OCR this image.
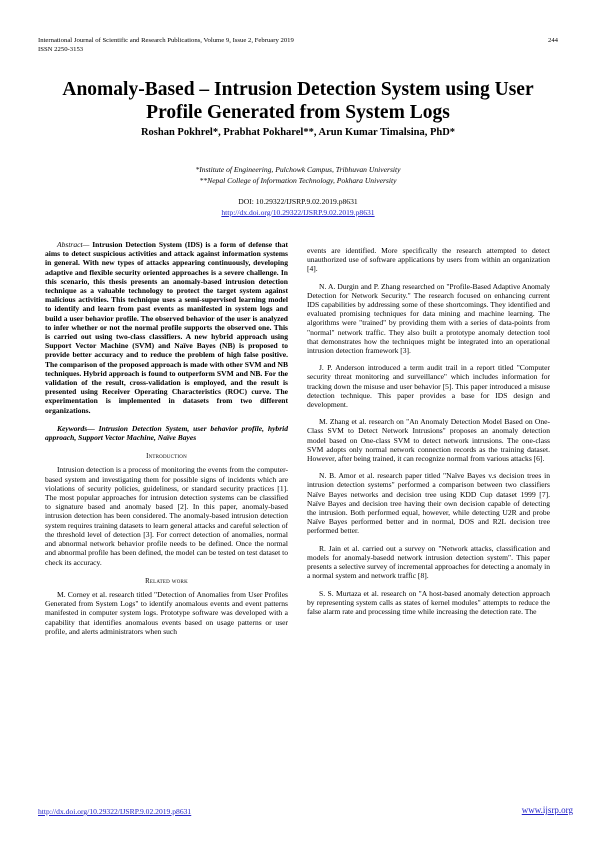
International Journal of Scientific and Research Publications, Volume 9, Issue 2, February 2019
ISSN 2250-3153
244
Anomaly-Based – Intrusion Detection System using User Profile Generated from System Logs
Roshan Pokhrel*, Prabhat Pokharel**, Arun Kumar Timalsina, PhD*
*Institute of Engineering, Pulchowk Campus, Tribhuvan University
**Nepal College of Information Technology, Pokhara University
DOI: 10.29322/IJSRP.9.02.2019.p8631
http://dx.doi.org/10.29322/IJSRP.9.02.2019.p8631

Abstract— Intrusion Detection System (IDS) is a form of defense that aims to detect suspicious activities and attack against information systems in general. With new types of attacks appearing continuously, developing adaptive and flexible security oriented approaches is a severe challenge. In this scenario, this thesis presents an anomaly-based intrusion detection technique as a valuable technology to protect the target system against malicious activities. This technique uses a semi-supervised learning model to identify and learn from past events as manifested in system logs and build a user behavior profile. The observed behavior of the user is analyzed to infer whether or not the normal profile supports the observed one. This is carried out using two-class classifiers. A new hybrid approach using Support Vector Machine (SVM) and Naïve Bayes (NB) is proposed to provide better accuracy and to reduce the problem of high false positive. The comparison of the proposed approach is made with other SVM and NB techniques. Hybrid approach is found to outperform SVM and NB. For the validation of the result, cross-validation is employed, and the result is presented using Receiver Operating Characteristics (ROC) curve. The experimentation is implemented in datasets from two different organizations.

Keywords— Intrusion Detection System, user behavior profile, hybrid approach, Support Vector Machine, Naïve Bayes

Introduction

Intrusion detection is a process of monitoring the events from the computer-based system and investigating them for possible signs of incidents which are violations of security policies, guideliness, or standard security practices [1]. The most popular approaches for intrusion detection systems can be classified to signature based and anomaly based [2]. In this paper, anomaly-based intrusion detection has been considered. The anomaly-based intrusion detection system requires training datasets to learn general attacks and careful selection of the threshold level of detection [3]. For correct detection of anomalies, normal and abnormal network behavior profile needs to be defined. Once the normal and abnormal profile has been defined, the model can be tested on test dataset to check its accuracy.

Related work

M. Corney et al. research titled "Detection of Anomalies from User Profiles Generated from System Logs" to identify anomalous events and event patterns manifested in computer system logs. Prototype software was developed with a capability that identifies anomalous events based on usage patterns or user profile, and alerts administrators when such

events are identified. More specifically the research attempted to detect unauthorized use of software applications by users from within an organization [4].

N. A. Durgin and P. Zhang researched on "Profile-Based Adaptive Anomaly Detection for Network Security." The research focused on enhancing current IDS capabilities by addressing some of these shortcomings. They identified and evaluated promising techniques for data mining and machine learning. The algorithms were "trained" by providing them with a series of data-points from "normal" network traffic. They also built a prototype anomaly detection tool that demonstrates how the techniques might be integrated into an operational intrusion detection framework [3].

J. P. Anderson introduced a term audit trail in a report titled "Computer security threat monitoring and surveillance" which includes information for tracking down the misuse and user behavior [5]. This paper introduced a misuse detection technique. This paper provides a base for IDS design and development.

M. Zhang et al. research on "An Anomaly Detection Model Based on One-Class SVM to Detect Network Intrusions" proposes an anomaly detection model based on One-class SVM to detect network intrusions. The one-class SVM adopts only normal network connection records as the training dataset. However, after being trained, it can recognize normal from various attacks [6].

N. B. Amor et al. research paper titled "Naïve Bayes v.s decision trees in intrusion detection systems" performed a comparison between two classifiers Naïve Bayes networks and decision tree using KDD Cup dataset 1999 [7]. Naïve Bayes and decision tree having their own decision capable of detecting the intrusion. Both performed equal, however, while detecting U2R and probe Naïve Bayes performed better and in normal, DOS and R2L decision tree performed better.

R. Jain et al. carried out a survey on "Network attacks, classification and models for anomaly-basedd network intrusion detection system". This paper presents a selective survey of incremental approaches for detecting a anomaly in a normal system and network traffic [8].

S. S. Murtaza et al. research on "A host-based anomaly detection approach by representing system calls as states of kernel modules" attempts to reduce the false alarm rate and processing time while increasing the detection rate. The

http://dx.doi.org/10.29322/IJSRP.9.02.2019.p8631	www.ijsrp.org
